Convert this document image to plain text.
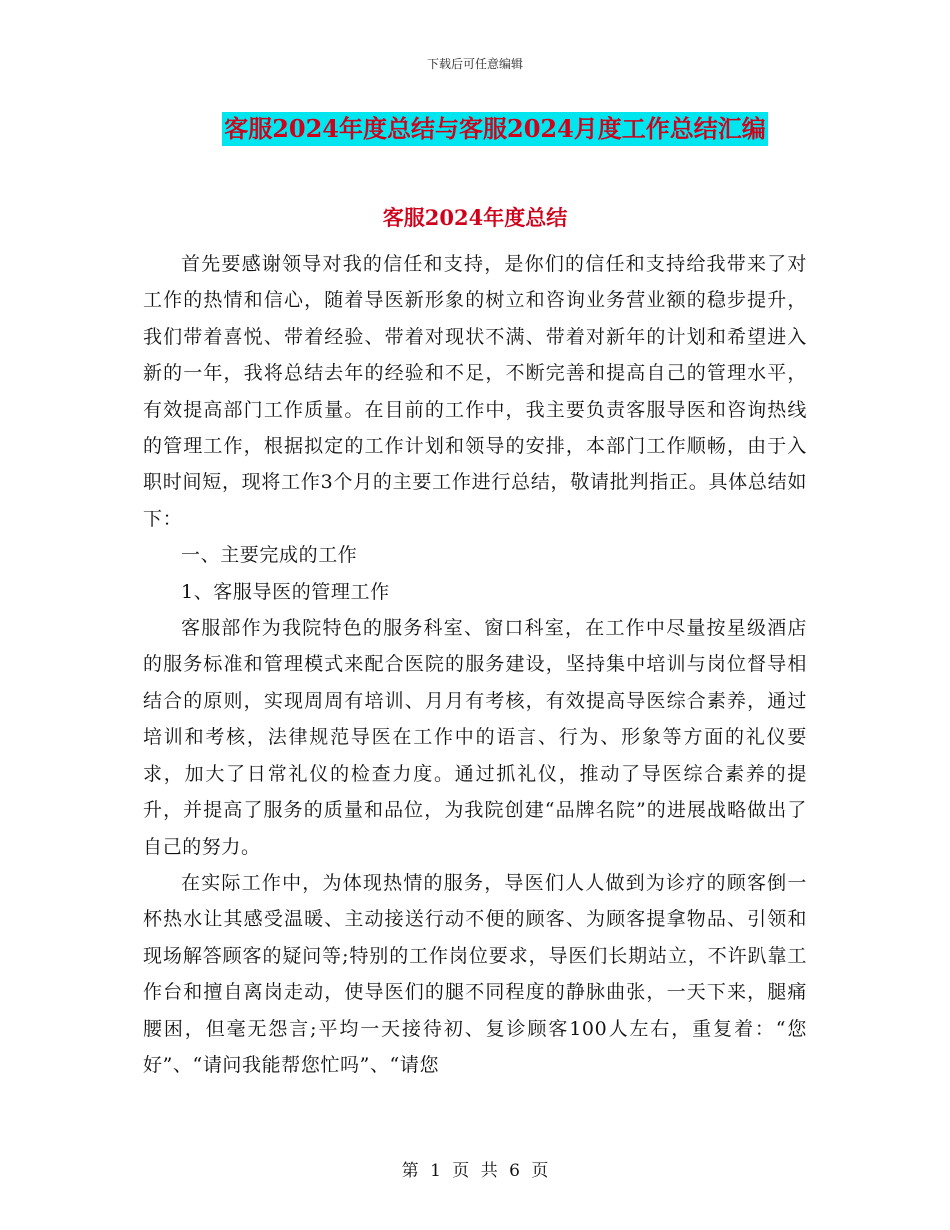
下载后可任意编辑
客服2024年度总结与客服2024月度工作总结汇编
客服2024年度总结

首先要感谢领导对我的信任和支持，是你们的信任和支持给我带来了对工作的热情和信心，随着导医新形象的树立和咨询业务营业额的稳步提升，我们带着喜悦、带着经验、带着对现状不满、带着对新年的计划和希望进入新的一年，我将总结去年的经验和不足，不断完善和提高自己的管理水平，有效提高部门工作质量。在目前的工作中，我主要负责客服导医和咨询热线的管理工作，根据拟定的工作计划和领导的安排，本部门工作顺畅，由于入职时间短，现将工作3个月的主要工作进行总结，敬请批判指正。具体总结如下：

一、主要完成的工作

1、客服导医的管理工作

客服部作为我院特色的服务科室、窗口科室，在工作中尽量按星级酒店的服务标准和管理模式来配合医院的服务建设，坚持集中培训与岗位督导相结合的原则，实现周周有培训、月月有考核，有效提高导医综合素养，通过培训和考核，法律规范导医在工作中的语言、行为、形象等方面的礼仪要求，加大了日常礼仪的检查力度。通过抓礼仪，推动了导医综合素养的提升，并提高了服务的质量和品位，为我院创建“品牌名院”的进展战略做出了自己的努力。

在实际工作中，为体现热情的服务，导医们人人做到为诊疗的顾客倒一杯热水让其感受温暖、主动接送行动不便的顾客、为顾客提拿物品、引领和现场解答顾客的疑问等;特别的工作岗位要求，导医们长期站立，不许趴靠工作台和擅自离岗走动，使导医们的腿不同程度的静脉曲张，一天下来，腿痛腰困，但毫无怨言;平均一天接待初、复诊顾客100人左右，重复着：“您好”、“请问我能帮您忙吗”、“请您

第 1 页 共 6 页
